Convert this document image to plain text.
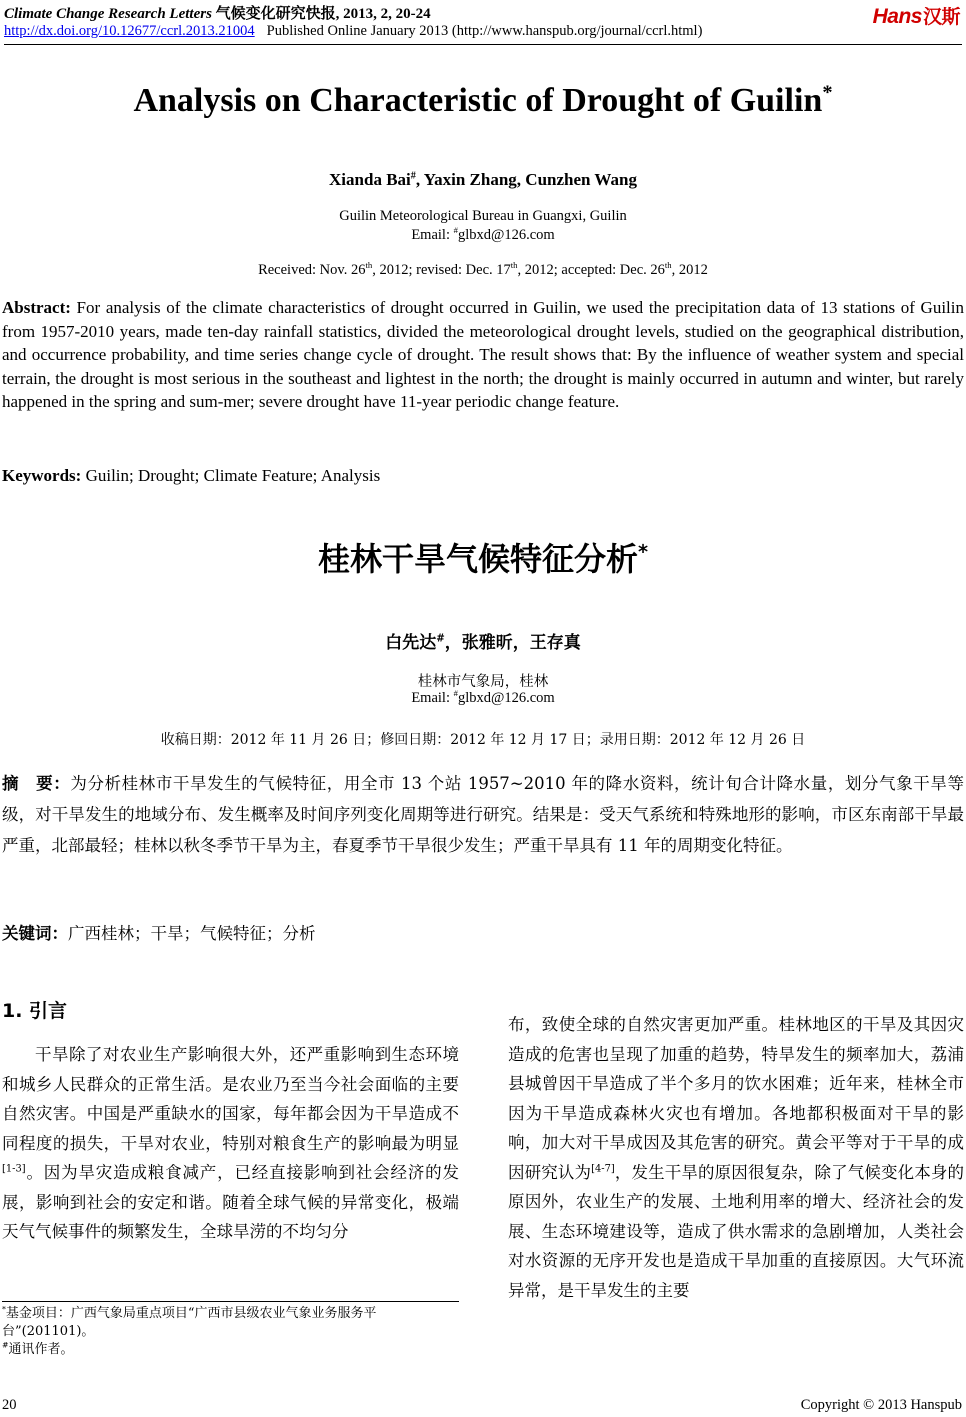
Climate Change Research Letters 气候变化研究快报, 2013, 2, 20-24	Hans汉斯
http://dx.doi.org/10.12677/ccrl.2013.21004 Published Online January 2013 (http://www.hanspub.org/journal/ccrl.html)
Analysis on Characteristic of Drought of Guilin*
Xianda Bai#, Yaxin Zhang, Cunzhen Wang
Guilin Meteorological Bureau in Guangxi, Guilin
Email: #glbxd@126.com
Received: Nov. 26th, 2012; revised: Dec. 17th, 2012; accepted: Dec. 26th, 2012

Abstract: For analysis of the climate characteristics of drought occurred in Guilin, we used the precipitation data of 13 stations of Guilin from 1957-2010 years, made ten-day rainfall statistics, divided the meteorological drought levels, studied on the geographical distribution, and occurrence probability, and time series change cycle of drought. The result shows that: By the influence of weather system and special terrain, the drought is most serious in the southeast and lightest in the north; the drought is mainly occurred in autumn and winter, but rarely happened in the spring and sum-mer; severe drought have 11-year periodic change feature.

Keywords: Guilin; Drought; Climate Feature; Analysis

桂林干旱气候特征分析*
白先达#，张雅昕，王存真
桂林市气象局，桂林
Email: #glbxd@126.com
收稿日期：2012 年 11 月 26 日；修回日期：2012 年 12 月 17 日；录用日期：2012 年 12 月 26 日

摘　要：为分析桂林市干旱发生的气候特征，用全市 13 个站 1957~2010 年的降水资料，统计旬合计降水量，划分气象干旱等级，对干旱发生的地域分布、发生概率及时间序列变化周期等进行研究。结果是：受天气系统和特殊地形的影响，市区东南部干旱最严重，北部最轻；桂林以秋冬季节干旱为主，春夏季节干旱很少发生；严重干旱具有 11 年的周期变化特征。

关键词：广西桂林；干旱；气候特征；分析

1. 引言

干旱除了对农业生产影响很大外，还严重影响到生态环境和城乡人民群众的正常生活。是农业乃至当今社会面临的主要自然灾害。中国是严重缺水的国家，每年都会因为干旱造成不同程度的损失，干旱对农业，特别对粮食生产的影响最为明显[1-3]。因为旱灾造成粮食减产，已经直接影响到社会经济的发展，影响到社会的安定和谐。随着全球气候的异常变化，极端天气气候事件的频繁发生，全球旱涝的不均匀分

布，致使全球的自然灾害更加严重。桂林地区的干旱及其因灾造成的危害也呈现了加重的趋势，特旱发生的频率加大，荔浦县城曾因干旱造成了半个多月的饮水困难；近年来，桂林全市因为干旱造成森林火灾也有增加。各地都积极面对干旱的影响，加大对干旱成因及其危害的研究。黄会平等对于干旱的成因研究认为[4-7]，发生干旱的原因很复杂，除了气候变化本身的原因外，农业生产的发展、土地利用率的增大、经济社会的发展、生态环境建设等，造成了供水需求的急剧增加，人类社会对水资源的无序开发也是造成干旱加重的直接原因。大气环流异常，是干旱发生的主要

*基金项目：广西气象局重点项目“广西市县级农业气象业务服务平台”(201101)。
#通讯作者。
20	Copyright © 2013 Hanspub
